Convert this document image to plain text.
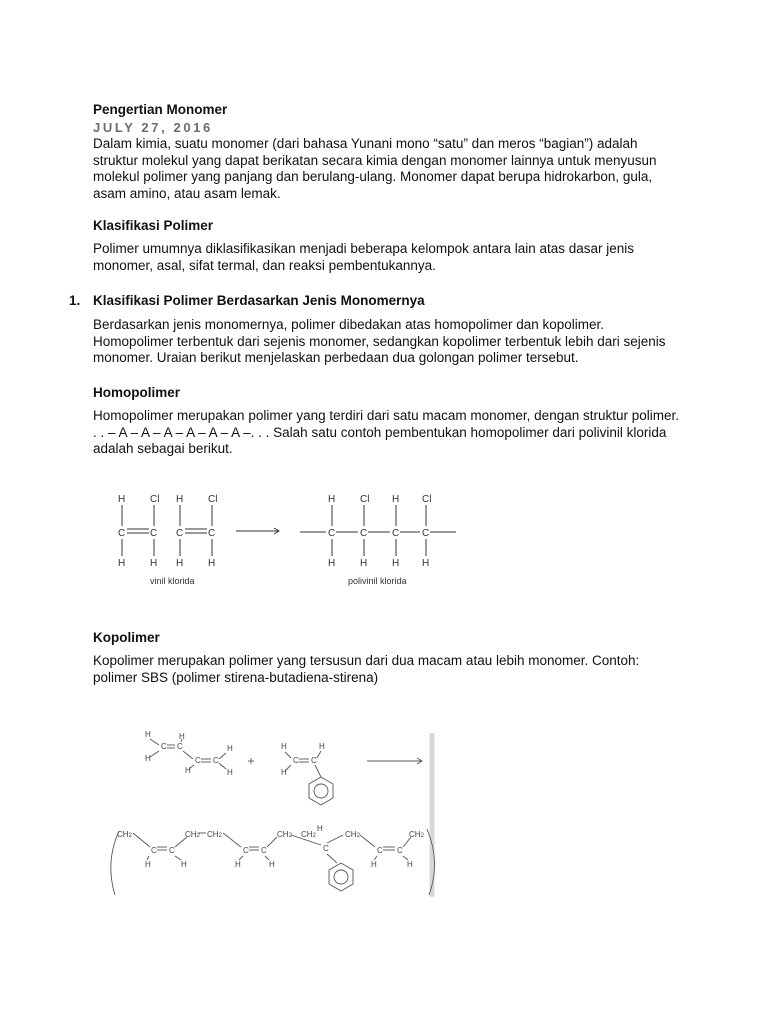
Pengertian Monomer

JULY 27, 2016

Dalam kimia, suatu monomer (dari bahasa Yunani mono “satu” dan meros “bagian”) adalah struktur molekul yang dapat berikatan secara kimia dengan monomer lainnya untuk menyusun molekul polimer yang panjang dan berulang-ulang. Monomer dapat berupa hidrokarbon, gula, asam amino, atau asam lemak.

Klasifikasi Polimer

Polimer umumnya diklasifikasikan menjadi beberapa kelompok antara lain atas dasar jenis monomer, asal, sifat termal, dan reaksi pembentukannya.

1. Klasifikasi Polimer Berdasarkan Jenis Monomernya

Berdasarkan jenis monomernya, polimer dibedakan atas homopolimer dan kopolimer. Homopolimer terbentuk dari sejenis monomer, sedangkan kopolimer terbentuk lebih dari sejenis monomer. Uraian berikut menjelaskan perbedaan dua golongan polimer tersebut.

Homopolimer

Homopolimer merupakan polimer yang terdiri dari satu macam monomer, dengan struktur polimer. . . – A – A – A – A – A – A –. . . Salah satu contoh pembentukan homopolimer dari polivinil klorida adalah sebagai berikut.

H Cl H Cl
C C C C
H H H H
vinil klorida
H Cl H Cl
C C C C
H H H H
polivinil klorida

Kopolimer

Kopolimer merupakan polimer yang tersusun dari dua macam atau lebih monomer. Contoh: polimer SBS (polimer stirena-butadiena-stirena)

H
H
C C
H
H
C C
H
H
H
H
C C
H
CH2	CH2 CH2	CH2 CH2	CH2	CH2
C C	C C	C	C C
H	H	H	H	H	H
H
